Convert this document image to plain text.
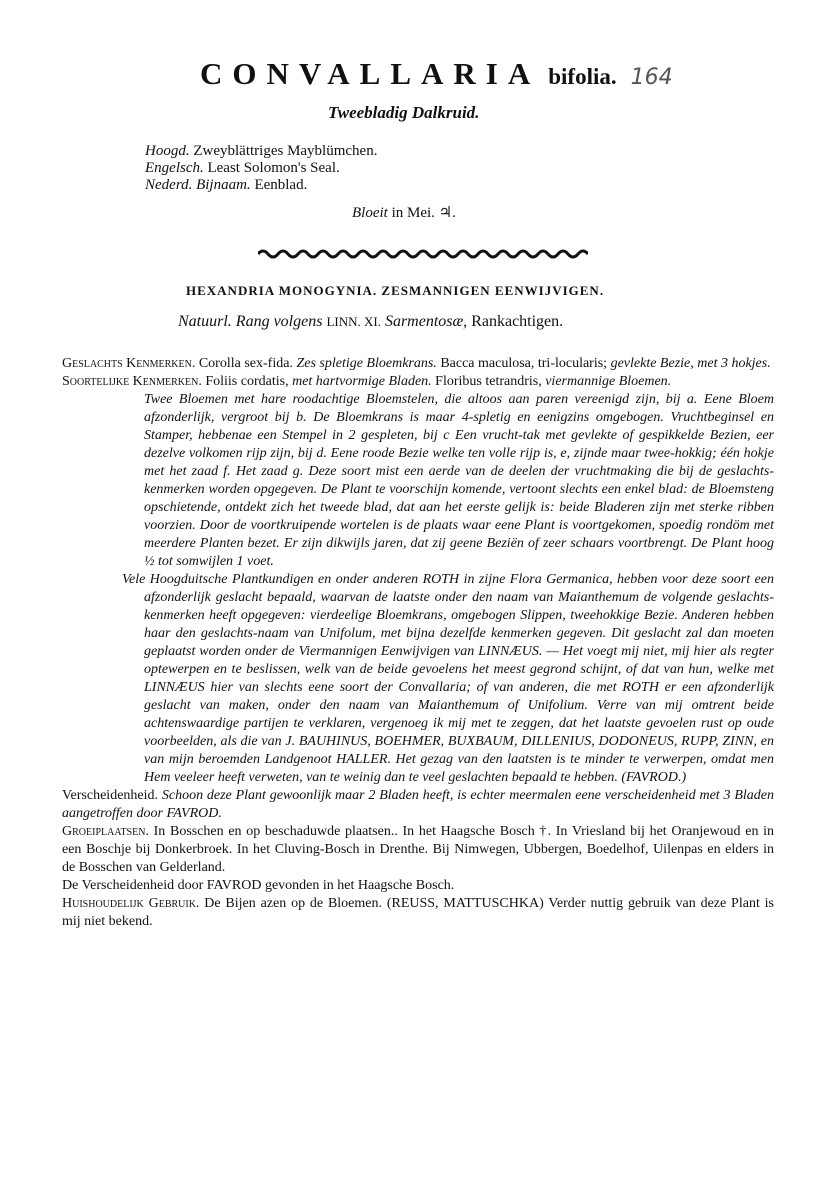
CONVALLARIA bifolia. 164
Tweebladig Dalkruid.
Hoogd. Zweyblättriges Mayblümchen.
Engelsch. Least Solomon's Seal.
Nederd. Bijnaam. Eenblad.
Bloeit in Mei. ♃.
HEXANDRIA MONOGYNIA. ZESMANNIGEN EENWIJVIGEN.
Natuurl. Rang volgens LINN. XI. Sarmentosæ, Rankachtigen.

Geslachts Kenmerken. Corolla sex-fida. Zes spletige Bloemkrans. Bacca maculosa, tri-locularis; gevlekte Bezie, met 3 hokjes.

Soortelijke Kenmerken. Foliis cordatis, met hartvormige Bladen. Floribus tetrandris, viermannige Bloemen.

Twee Bloemen met hare roodachtige Bloemstelen, die altoos aan paren vereenigd zijn, bij a. Eene Bloem afzonderlijk, vergroot bij b. De Bloemkrans is maar 4-spletig en eenigzins omgebogen. Vruchtbeginsel en Stamper, hebbenae een Stempel in 2 gespleten, bij c Een vrucht-tak met gevlekte of gespikkelde Bezien, eer dezelve volkomen rijp zijn, bij d. Eene roode Bezie welke ten volle rijp is, e, zijnde maar twee-hokkig; één hokje met het zaad f. Het zaad g. Deze soort mist een aerde van de deelen der vruchtmaking die bij de geslachts-kenmerken worden opgegeven. De Plant te voorschijn komende, vertoont slechts een enkel blad: de Bloemsteng opschietende, ontdekt zich het tweede blad, dat aan het eerste gelijk is: beide Bladeren zijn met sterke ribben voorzien. Door de voortkruipende wortelen is de plaats waar eene Plant is voortgekomen, spoedig rondöm met meerdere Planten bezet. Er zijn dikwijls jaren, dat zij geene Beziën of zeer schaars voortbrengt. De Plant hoog ½ tot somwijlen 1 voet.

Vele Hoogduitsche Plantkundigen en onder anderen ROTH in zijne Flora Germanica, hebben voor deze soort een afzonderlijk geslacht bepaald, waarvan de laatste onder den naam van Maianthemum de volgende geslachts-kenmerken heeft opgegeven: vierdeelige Bloemkrans, omgebogen Slippen, tweehokkige Bezie. Anderen hebben haar den geslachts-naam van Unifolum, met bijna dezelfde kenmerken gegeven. Dit geslacht zal dan moeten geplaatst worden onder de Viermannigen Eenwijvigen van LINNÆUS. — Het voegt mij niet, mij hier als regter optewerpen en te beslissen, welk van de beide gevoelens het meest gegrond schijnt, of dat van hun, welke met LINNÆUS hier van slechts eene soort der Convallaria; of van anderen, die met ROTH er een afzonderlijk geslacht van maken, onder den naam van Maianthemum of Unifolium. Verre van mij omtrent beide achtenswaardige partijen te verklaren, vergenoeg ik mij met te zeggen, dat het laatste gevoelen rust op oude voorbeelden, als die van J. BAUHINUS, BOEHMER, BUXBAUM, DILLENIUS, DODONEUS, RUPP, ZINN, en van mijn beroemden Landgenoot HALLER. Het gezag van den laatsten is te minder te verwerpen, omdat men Hem veeleer heeft verweten, van te weinig dan te veel geslachten bepaald te hebben. (FAVROD.)

Verscheidenheid. Schoon deze Plant gewoonlijk maar 2 Bladen heeft, is echter meermalen eene verscheidenheid met 3 Bladen aangetroffen door FAVROD.

Groeiplaatsen. In Bosschen en op beschaduwde plaatsen.. In het Haagsche Bosch †. In Vriesland bij het Oranjewoud en in een Boschje bij Donkerbroek. In het Cluving-Bosch in Drenthe. Bij Nimwegen, Ubbergen, Boedelhof, Uilenpas en elders in de Bosschen van Gelderland.

De Verscheidenheid door FAVROD gevonden in het Haagsche Bosch.

Huishoudelijk Gebruik. De Bijen azen op de Bloemen. (REUSS, MATTUSCHKA) Verder nuttig gebruik van deze Plant is mij niet bekend.
